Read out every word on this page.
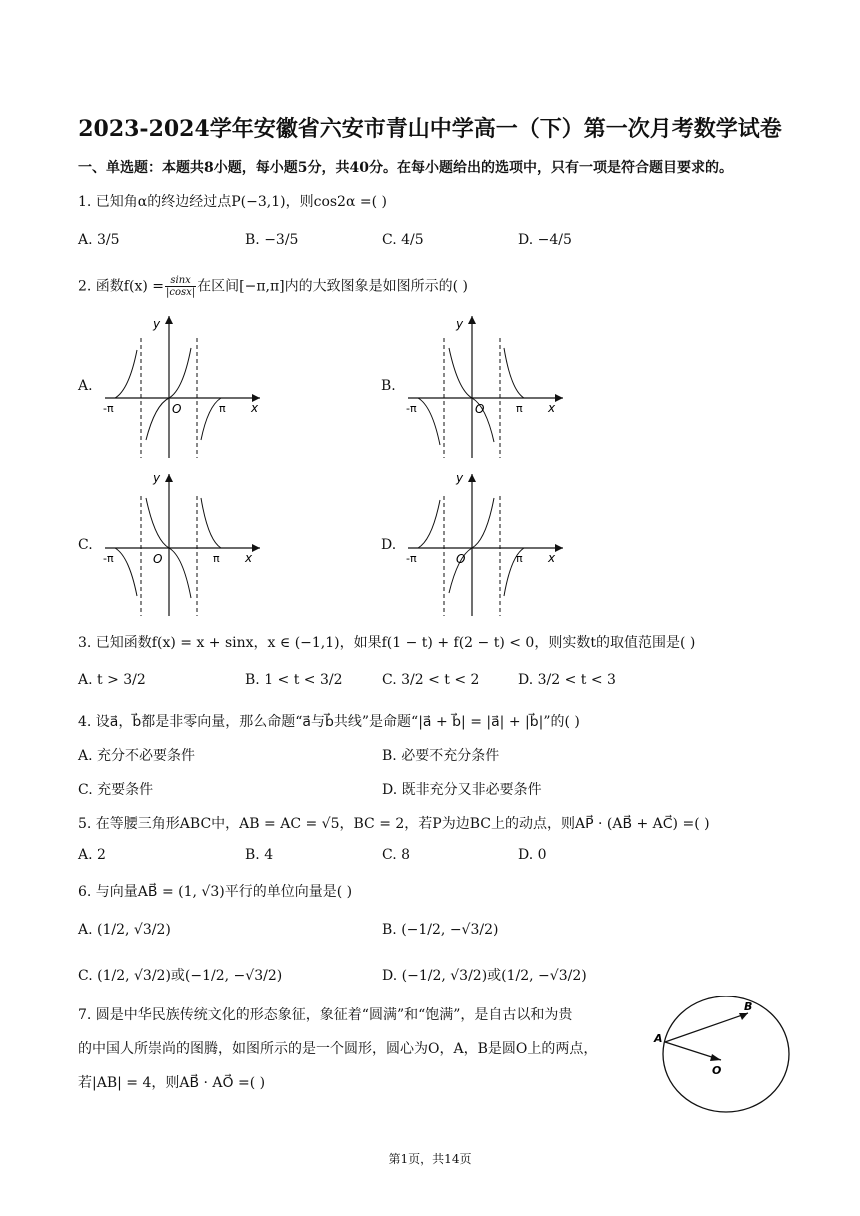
2023-2024学年安徽省六安市青山中学高一（下）第一次月考数学试卷
一、单选题：本题共8小题，每小题5分，共40分。在每小题给出的选项中，只有一项是符合题目要求的。
1. 已知角α的终边经过点P(−3,1)，则cos2α =( )
A. 3/5	B. −3/5	C. 4/5	D. −4/5
2. 函数$f(x) = \frac{\sin x}{|\cos x|}$ 在区间[−π,π]内的大致图象是如图所示的( )
A.	B.
C.	D.
-π	O	π x
y
-π	O	π x
y
-π	O	π x
y
-π	O	π x
y
3. 已知函数f(x) = x + sinx，x ∈ (−1,1)，如果f(1 − t) + f(2 − t) < 0，则实数t的取值范围是( )
A. t > 3/2	B. 1 < t < 3/2	C. 3/2 < t < 2	D. 3/2 < t < 3
4. 设a⃗，b⃗都是非零向量，那么命题“a⃗与b⃗共线”是命题“|a⃗ + b⃗| = |a⃗| + |b⃗|”的( )
A. 充分不必要条件	B. 必要不充分条件
C. 充要条件	D. 既非充分又非必要条件
5. 在等腰三角形ABC中，AB = AC = √5，BC = 2，若P为边BC上的动点，则AP⃗ · (AB⃗ + AC⃗) =( )
A. 2	B. 4	C. 8	D. 0
6. 与向量AB⃗ = (1, √3)平行的单位向量是( )
A. (1/2, √3/2)	B. (−1/2, −√3/2)
C. (1/2, √3/2)或(−1/2, −√3/2)	D. (−1/2, √3/2)或(1/2, −√3/2)
7. 圆是中华民族传统文化的形态象征，象征着“圆满”和“饱满”，是自古以和为贵
的中国人所崇尚的图腾，如图所示的是一个圆形，圆心为O，A，B是圆O上的两点，
若|AB| = 4，则AB⃗ · AO⃗ =( )
A
B
O
第1页，共14页
